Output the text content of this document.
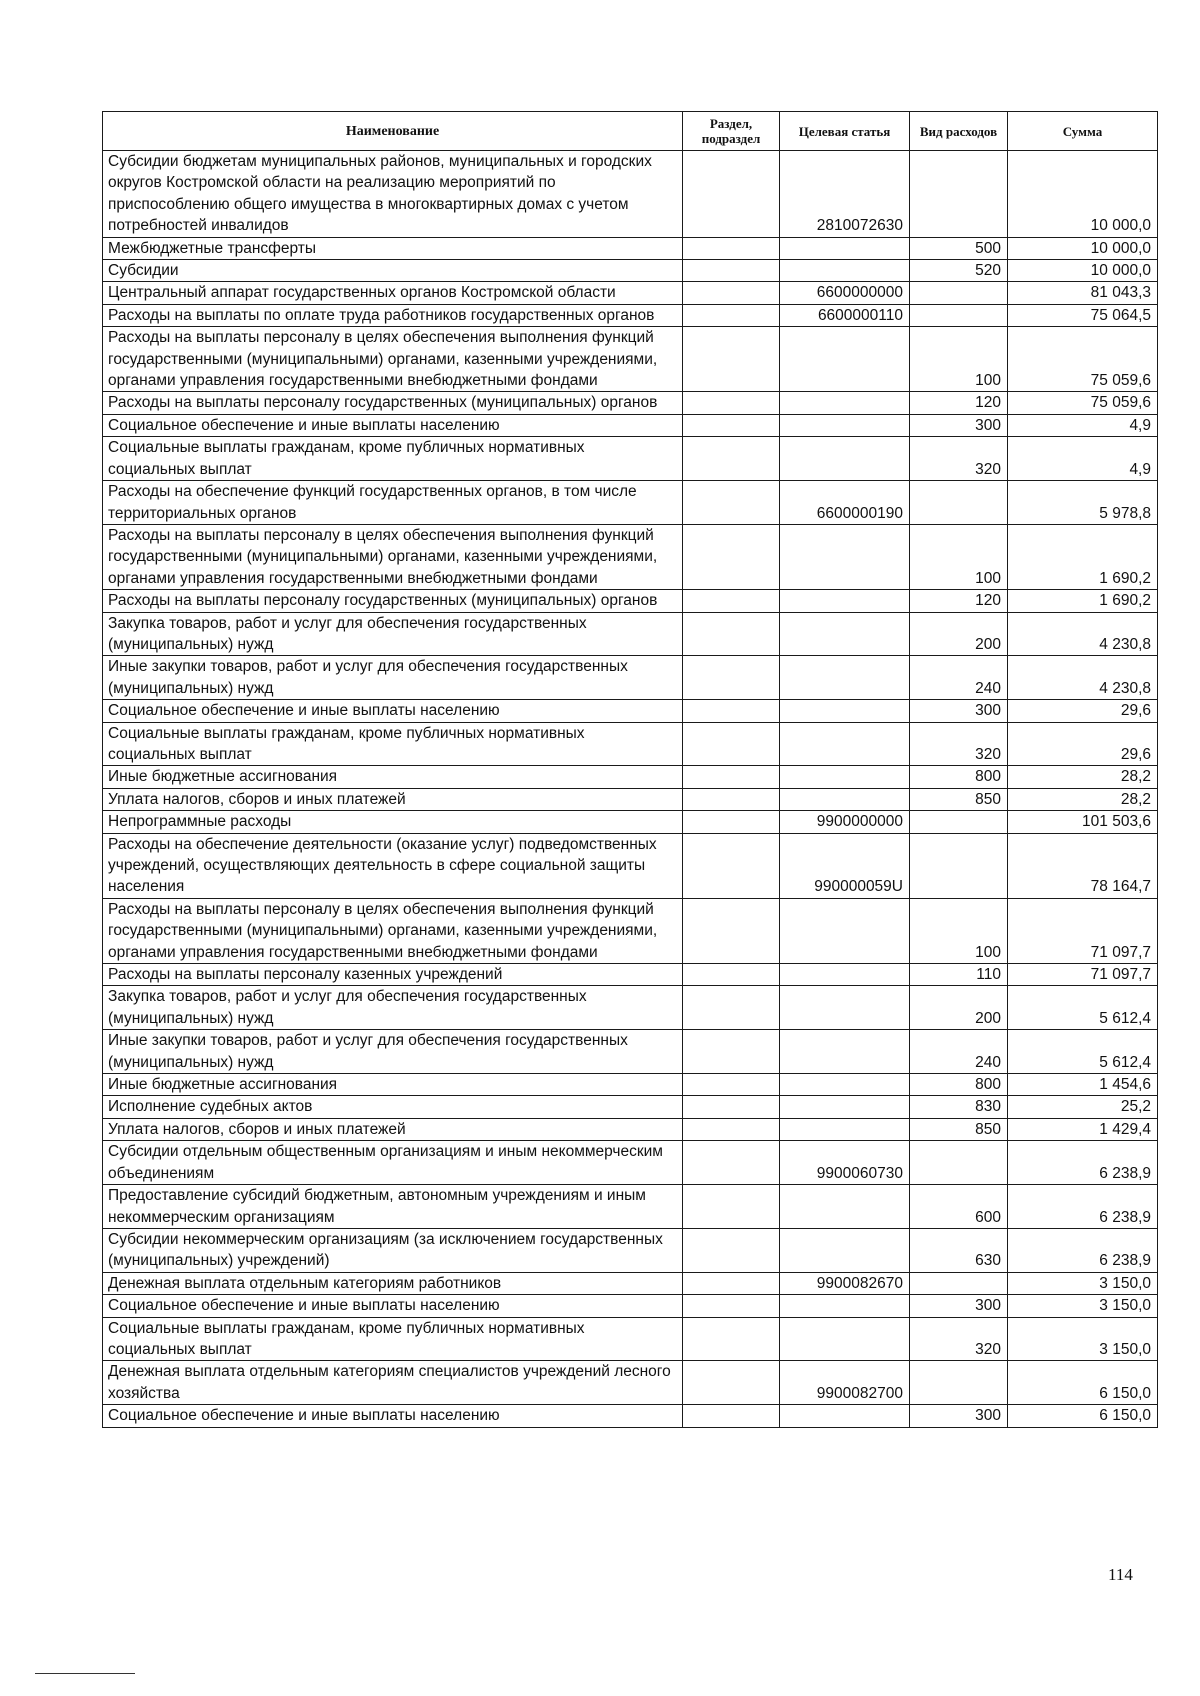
Наименование	Раздел, подраздел	Целевая статья	Вид расходов	Сумма
Субсидии бюджетам муниципальных районов, муниципальных и городских округов Костромской области на реализацию мероприятий по приспособлению общего имущества в многоквартирных домах с учетом потребностей инвалидов		2810072630		10 000,0
Межбюджетные трансферты			500	10 000,0
Субсидии			520	10 000,0
Центральный аппарат государственных органов Костромской области		6600000000		81 043,3
Расходы на выплаты по оплате труда работников государственных органов		6600000110		75 064,5
Расходы на выплаты персоналу в целях обеспечения выполнения функций государственными (муниципальными) органами, казенными учреждениями, органами управления государственными внебюджетными фондами			100	75 059,6
Расходы на выплаты персоналу государственных (муниципальных) органов			120	75 059,6
Социальное обеспечение и иные выплаты населению			300	4,9
Социальные выплаты гражданам, кроме публичных нормативных социальных выплат			320	4,9
Расходы на обеспечение функций государственных органов, в том числе территориальных органов		6600000190		5 978,8
Расходы на выплаты персоналу в целях обеспечения выполнения функций государственными (муниципальными) органами, казенными учреждениями, органами управления государственными внебюджетными фондами			100	1 690,2
Расходы на выплаты персоналу государственных (муниципальных) органов			120	1 690,2
Закупка товаров, работ и услуг для обеспечения государственных (муниципальных) нужд			200	4 230,8
Иные закупки товаров, работ и услуг для обеспечения государственных (муниципальных) нужд			240	4 230,8
Социальное обеспечение и иные выплаты населению			300	29,6
Социальные выплаты гражданам, кроме публичных нормативных социальных выплат			320	29,6
Иные бюджетные ассигнования			800	28,2
Уплата налогов, сборов и иных платежей			850	28,2
Непрограммные расходы		9900000000		101 503,6
Расходы на обеспечение деятельности (оказание услуг) подведомственных учреждений, осуществляющих деятельность в сфере социальной защиты населения		990000059U		78 164,7
Расходы на выплаты персоналу в целях обеспечения выполнения функций государственными (муниципальными) органами, казенными учреждениями, органами управления государственными внебюджетными фондами			100	71 097,7
Расходы на выплаты персоналу казенных учреждений			110	71 097,7
Закупка товаров, работ и услуг для обеспечения государственных (муниципальных) нужд			200	5 612,4
Иные закупки товаров, работ и услуг для обеспечения государственных (муниципальных) нужд			240	5 612,4
Иные бюджетные ассигнования			800	1 454,6
Исполнение судебных актов			830	25,2
Уплата налогов, сборов и иных платежей			850	1 429,4
Субсидии отдельным общественным организациям и иным некоммерческим объединениям		9900060730		6 238,9
Предоставление субсидий бюджетным, автономным учреждениям и иным некоммерческим организациям			600	6 238,9
Субсидии некоммерческим организациям (за исключением государственных (муниципальных) учреждений)			630	6 238,9
Денежная выплата отдельным категориям работников		9900082670		3 150,0
Социальное обеспечение и иные выплаты населению			300	3 150,0
Социальные выплаты гражданам, кроме публичных нормативных социальных выплат			320	3 150,0
Денежная выплата отдельным категориям специалистов учреждений лесного хозяйства		9900082700		6 150,0
Социальное обеспечение и иные выплаты населению			300	6 150,0
114
